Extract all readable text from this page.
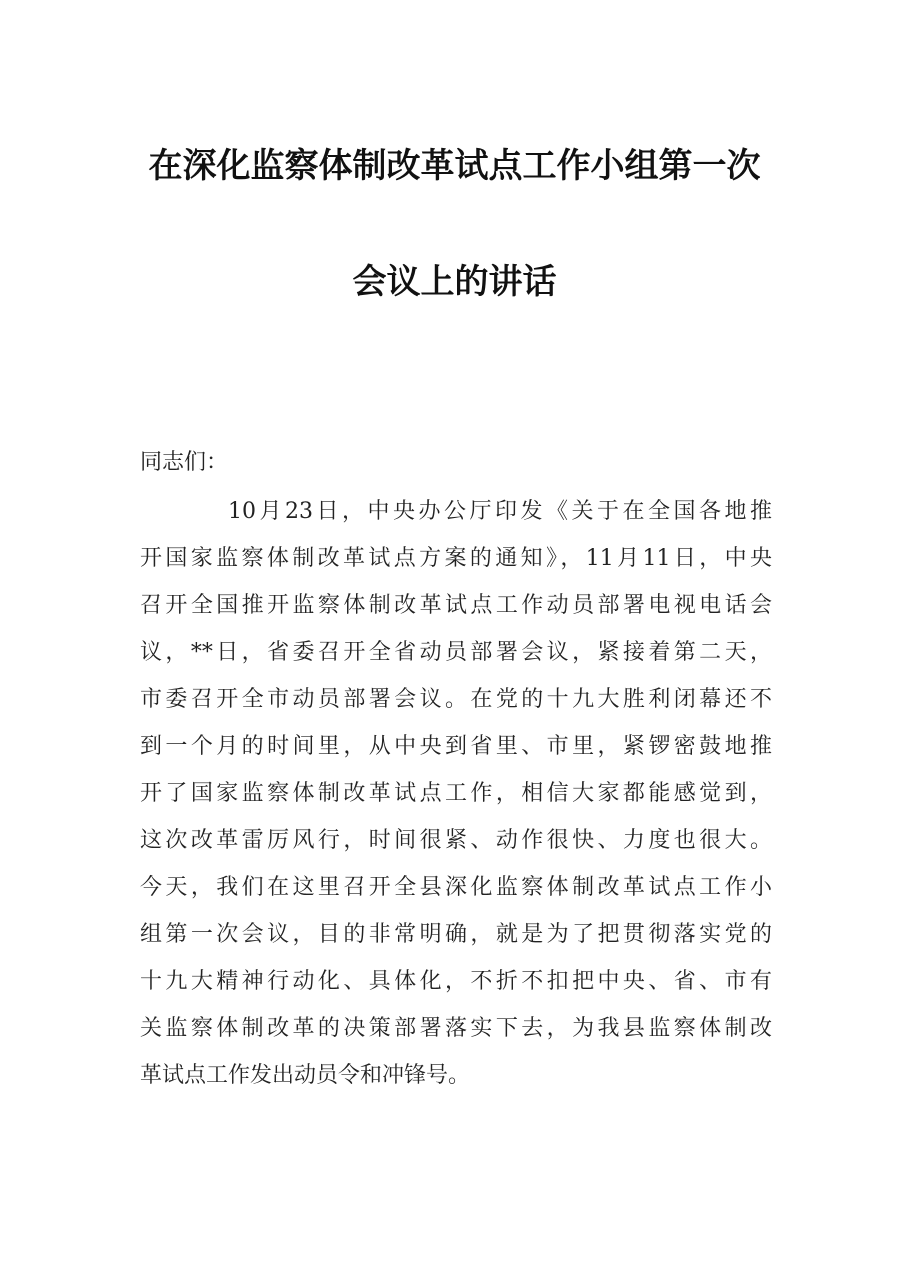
在深化监察体制改革试点工作小组第一次
会议上的讲话
同志们：
10月23日，中央办公厅印发《关于在全国各地推
开国家监察体制改革试点方案的通知》，11月11日，中央
召开全国推开监察体制改革试点工作动员部署电视电话会
议，**日，省委召开全省动员部署会议，紧接着第二天，
市委召开全市动员部署会议。在党的十九大胜利闭幕还不
到一个月的时间里，从中央到省里、市里，紧锣密鼓地推
开了国家监察体制改革试点工作，相信大家都能感觉到，
这次改革雷厉风行，时间很紧、动作很快、力度也很大。
今天，我们在这里召开全县深化监察体制改革试点工作小
组第一次会议，目的非常明确，就是为了把贯彻落实党的
十九大精神行动化、具体化，不折不扣把中央、省、市有
关监察体制改革的决策部署落实下去，为我县监察体制改
革试点工作发出动员令和冲锋号。
